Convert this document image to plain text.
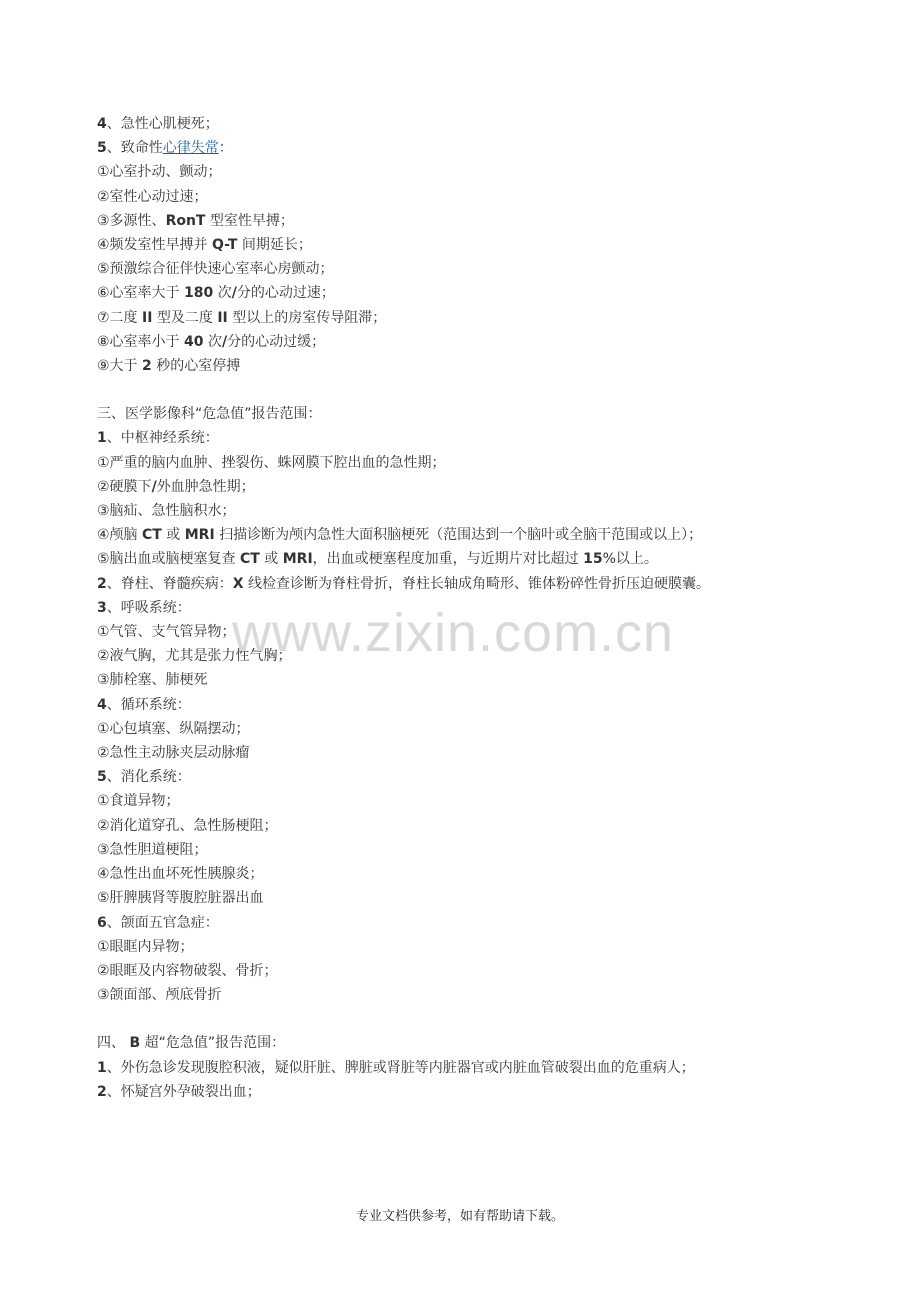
4、急性心肌梗死；
5、致命性心律失常：
①心室扑动、颤动；
②室性心动过速；
③多源性、RonT 型室性早搏；
④频发室性早搏并 Q-T 间期延长；
⑤预激综合征伴快速心室率心房颤动；
⑥心室率大于 180 次/分的心动过速；
⑦二度 II 型及二度 II 型以上的房室传导阻滞；
⑧心室率小于 40 次/分的心动过缓；
⑨大于 2 秒的心室停搏
三、医学影像科“危急值”报告范围：
1、中枢神经系统：
①严重的脑内血肿、挫裂伤、蛛网膜下腔出血的急性期；
②硬膜下/外血肿急性期；
③脑疝、急性脑积水；
④颅脑 CT 或 MRI 扫描诊断为颅内急性大面积脑梗死（范围达到一个脑叶或全脑干范围或以上）；
⑤脑出血或脑梗塞复查 CT 或 MRI，出血或梗塞程度加重，与近期片对比超过 15%以上。
2、脊柱、脊髓疾病：X 线检查诊断为脊柱骨折，脊柱长轴成角畸形、锥体粉碎性骨折压迫硬膜囊。
3、呼吸系统：
①气管、支气管异物；
②液气胸，尤其是张力性气胸；
③肺栓塞、肺梗死
4、循环系统：
①心包填塞、纵隔摆动；
②急性主动脉夹层动脉瘤
5、消化系统：
①食道异物；
②消化道穿孔、急性肠梗阻；
③急性胆道梗阻；
④急性出血坏死性胰腺炎；
⑤肝脾胰肾等腹腔脏器出血
6、颌面五官急症：
①眼眶内异物；
②眼眶及内容物破裂、骨折；
③颌面部、颅底骨折
四、 B 超“危急值”报告范围：
1、外伤急诊发现腹腔积液，疑似肝脏、脾脏或肾脏等内脏器官或内脏血管破裂出血的危重病人；
2、怀疑宫外孕破裂出血；
www.zixin.com.cn
专业文档供参考，如有帮助请下载。
